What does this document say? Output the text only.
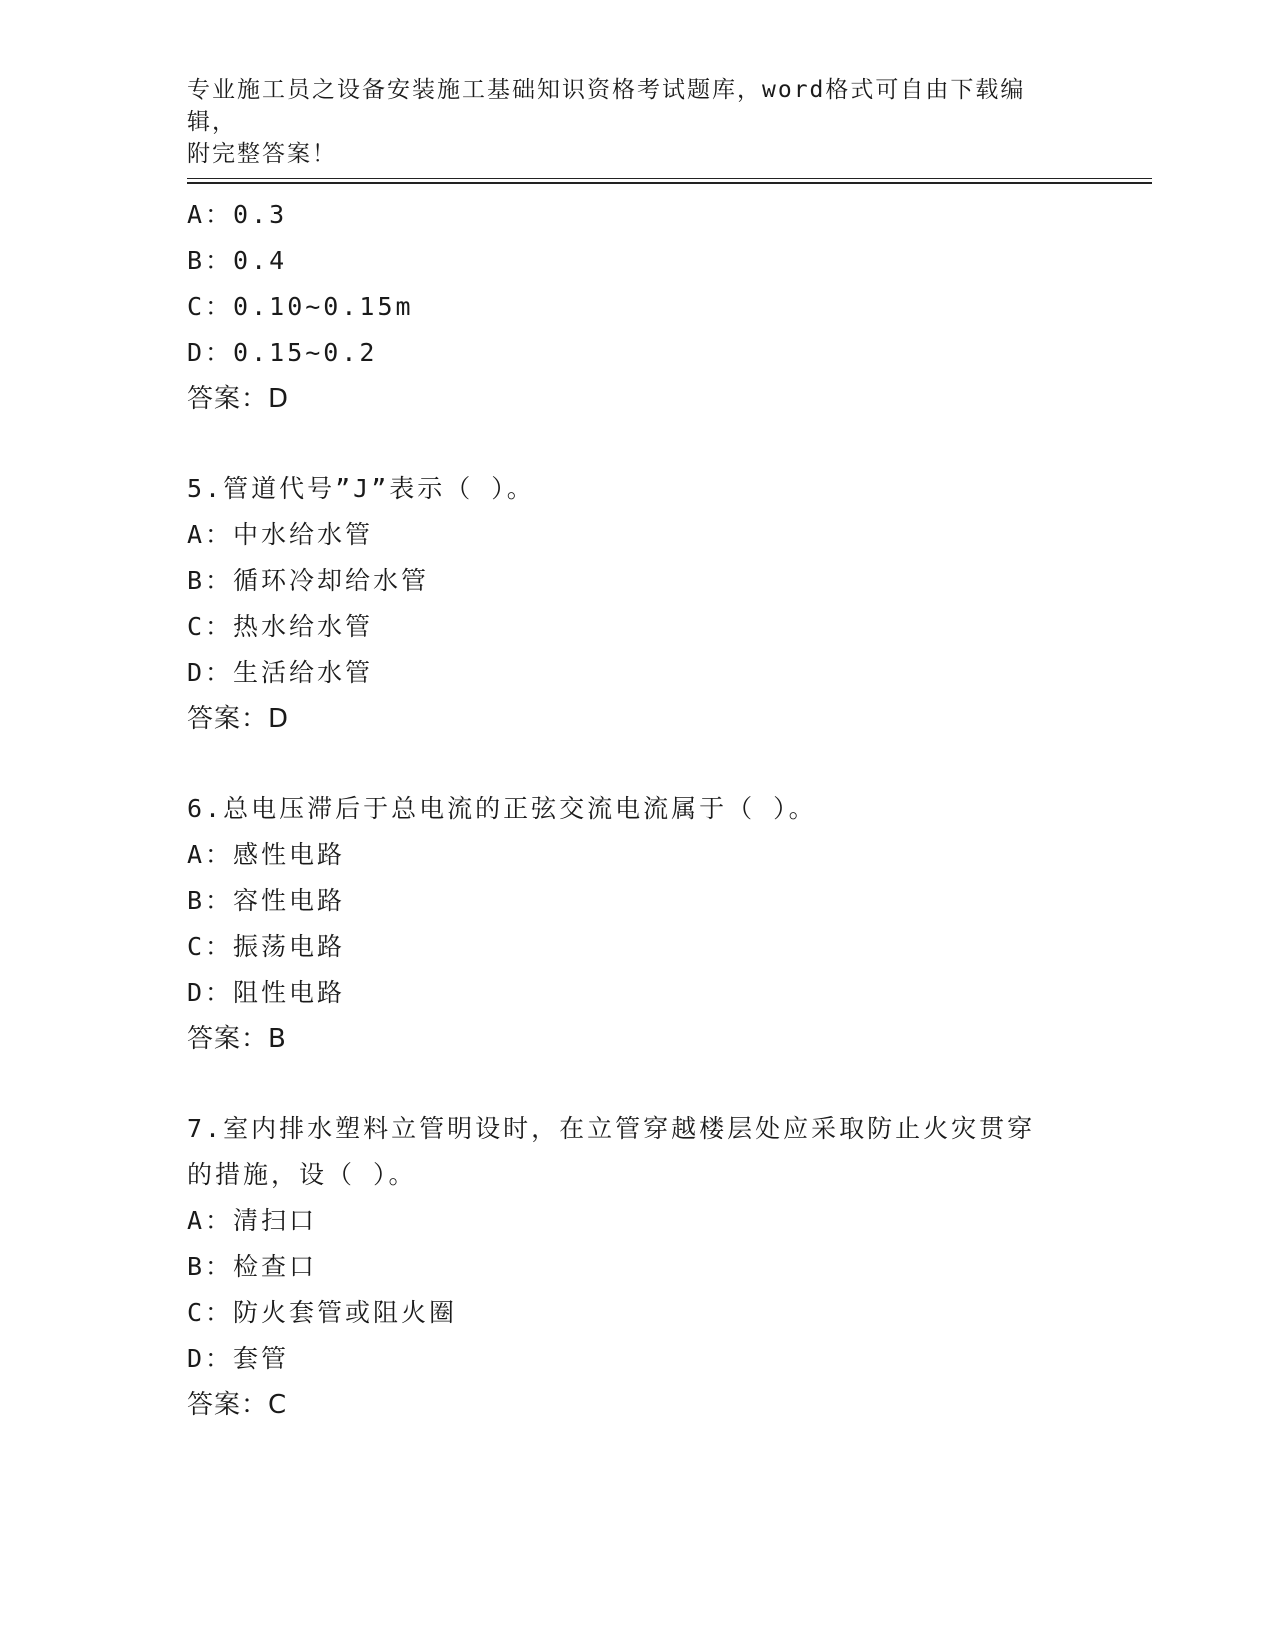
专业施工员之设备安装施工基础知识资格考试题库，word格式可自由下载编辑，
附完整答案！
A：0.3
B：0.4
C：0.10~0.15m
D：0.15~0.2
答案：D
5.管道代号”J”表示（ ）。
A：中水给水管
B：循环冷却给水管
C：热水给水管
D：生活给水管
答案：D
6.总电压滞后于总电流的正弦交流电流属于（ ）。
A：感性电路
B：容性电路
C：振荡电路
D：阻性电路
答案：B
7.室内排水塑料立管明设时，在立管穿越楼层处应采取防止火灾贯穿
的措施，设（ ）。
A：清扫口
B：检查口
C：防火套管或阻火圈
D：套管
答案：C
